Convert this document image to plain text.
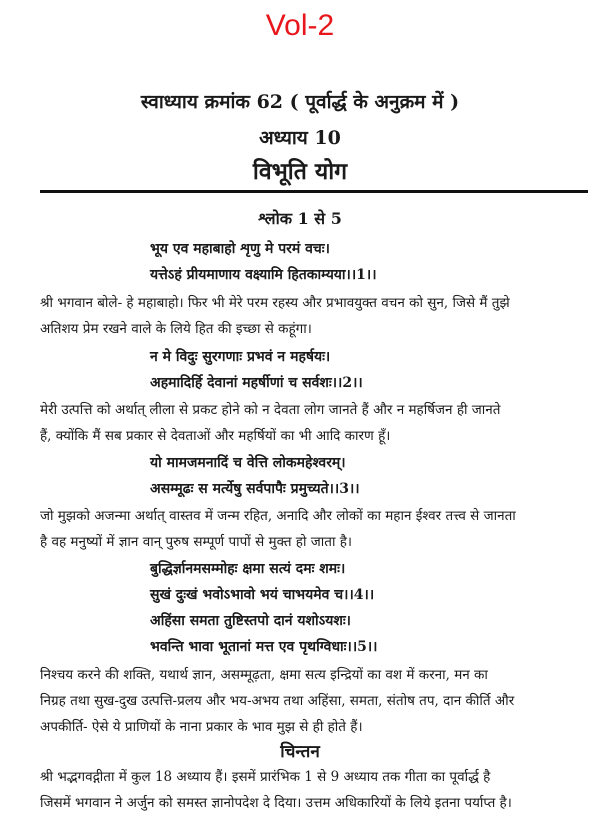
Vol-2
स्वाध्याय क्रमांक 62 ( पूर्वार्द्ध के अनुक्रम में )
अध्याय 10
विभूति योग
श्लोक 1 से 5
भूय एव महाबाहो शृणु मे परमं वचः।
यत्तेऽहं प्रीयमाणाय वक्ष्यामि हितकाम्यया।।1।।
श्री भगवान बोले- हे महाबाहो। फिर भी मेरे परम रहस्य और प्रभावयुक्त वचन को सुन, जिसे मैं तुझे
अतिशय प्रेम रखने वाले के लिये हित की इच्छा से कहूंगा।
न मे विदुः सुरगणाः प्रभवं न महर्षयः।
अहमादिर्हि देवानां महर्षीणां च सर्वशः।।2।।
मेरी उत्पत्ति को अर्थात् लीला से प्रकट होने को न देवता लोग जानते हैं और न महर्षिजन ही जानते
हैं, क्योंकि मैं सब प्रकार से देवताओं और महर्षियों का भी आदि कारण हूँ।
यो मामजमनादिं च वेत्ति लोकमहेश्वरम्।
असम्मूढः स मर्त्येषु सर्वपापैः प्रमुच्यते।।3।।
जो मुझको अजन्मा अर्थात् वास्तव में जन्म रहित, अनादि और लोकों का महान ईश्वर तत्त्व से जानता
है वह मनुष्यों में ज्ञान वान् पुरुष सम्पूर्ण पापों से मुक्त हो जाता है।
बुद्धिर्ज्ञानमसम्मोहः क्षमा सत्यं दमः शमः।
सुखं दुःखं भवोऽभावो भयं चाभयमेव च।।4।।
अहिंसा समता तुष्टिस्तपो दानं यशोऽयशः।
भवन्ति भावा भूतानां मत्त एव पृथग्विधाः।।5।।
निश्चय करने की शक्ति, यथार्थ ज्ञान, असम्मूढ़ता, क्षमा सत्य इन्द्रियों का वश में करना, मन का
निग्रह तथा सुख-दुख उत्पत्ति-प्रलय और भय-अभय तथा अहिंसा, समता, संतोष तप, दान कीर्ति और
अपकीर्ति- ऐसे ये प्राणियों के नाना प्रकार के भाव मुझ से ही होते हैं।
चिन्तन
श्री भद्भगवद्गीता में कुल 18 अध्याय हैं। इसमें प्रारंभिक 1 से 9 अध्याय तक गीता का पूर्वार्द्ध है
जिसमें भगवान ने अर्जुन को समस्त ज्ञानोपदेश दे दिया। उत्तम अधिकारियों के लिये इतना पर्याप्त है।
